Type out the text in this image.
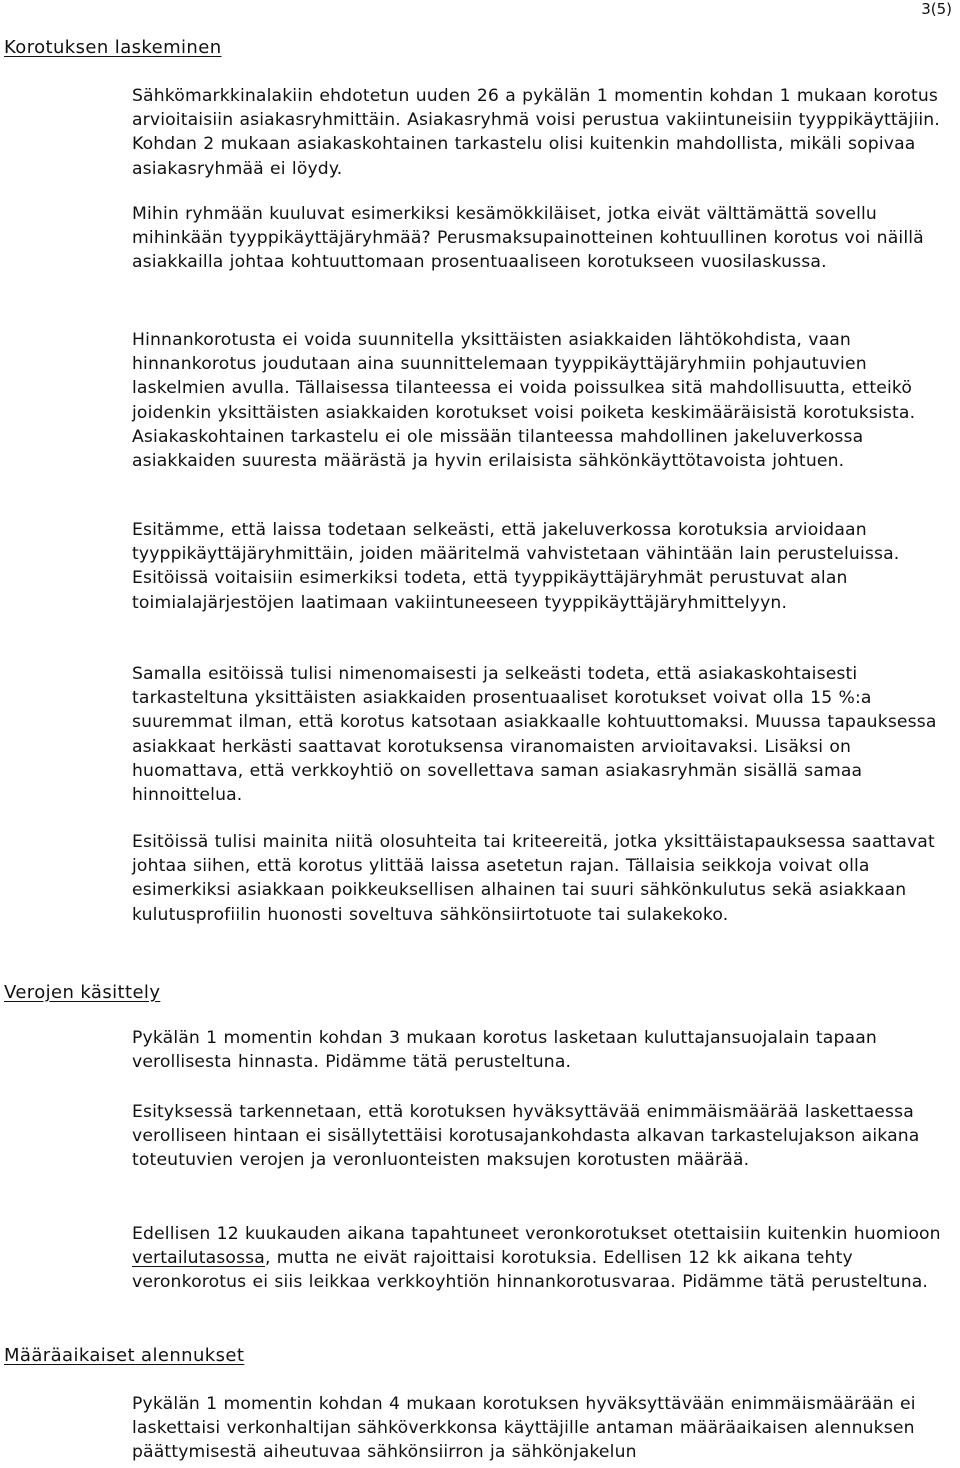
3(5)
Korotuksen laskeminen

Sähkömarkkinalakiin ehdotetun uuden 26 a pykälän 1 momentin kohdan 1 mukaan korotus arvioitaisiin asiakasryhmittäin. Asiakasryhmä voisi perustua vakiintuneisiin tyyppikäyttäjiin. Kohdan 2 mukaan asiakaskohtainen tarkastelu olisi kuitenkin mahdollista, mikäli sopivaa asiakasryhmää ei löydy.

Mihin ryhmään kuuluvat esimerkiksi kesämökkiläiset, jotka eivät välttämättä sovellu mihinkään tyyppikäyttäjäryhmää? Perusmaksupainotteinen kohtuullinen korotus voi näillä asiakkailla johtaa kohtuuttomaan prosentuaaliseen korotukseen vuosilaskussa.

Hinnankorotusta ei voida suunnitella yksittäisten asiakkaiden lähtökohdista, vaan hinnankorotus joudutaan aina suunnittelemaan tyyppikäyttäjäryhmiin pohjautuvien laskelmien avulla. Tällaisessa tilanteessa ei voida poissulkea sitä mahdollisuutta, etteikö joidenkin yksittäisten asiakkaiden korotukset voisi poiketa keskimääräisistä korotuksista. Asiakaskohtainen tarkastelu ei ole missään tilanteessa mahdollinen jakeluverkossa asiakkaiden suuresta määrästä ja hyvin erilaisista sähkönkäyttötavoista johtuen.

Esitämme, että laissa todetaan selkeästi, että jakeluverkossa korotuksia arvioidaan tyyppikäyttäjäryhmittäin, joiden määritelmä vahvistetaan vähintään lain perusteluissa. Esitöissä voitaisiin esimerkiksi todeta, että tyyppikäyttäjäryhmät perustuvat alan toimialajärjestöjen laatimaan vakiintuneeseen tyyppikäyttäjäryhmittelyyn.

Samalla esitöissä tulisi nimenomaisesti ja selkeästi todeta, että asiakaskohtaisesti tarkasteltuna yksittäisten asiakkaiden prosentuaaliset korotukset voivat olla 15 %:a suuremmat ilman, että korotus katsotaan asiakkaalle kohtuuttomaksi. Muussa tapauksessa asiakkaat herkästi saattavat korotuksensa viranomaisten arvioitavaksi. Lisäksi on huomattava, että verkkoyhtiö on sovellettava saman asiakasryhmän sisällä samaa hinnoittelua.

Esitöissä tulisi mainita niitä olosuhteita tai kriteereitä, jotka yksittäistapauksessa saattavat johtaa siihen, että korotus ylittää laissa asetetun rajan. Tällaisia seikkoja voivat olla esimerkiksi asiakkaan poikkeuksellisen alhainen tai suuri sähkönkulutus sekä asiakkaan kulutusprofiilin huonosti soveltuva sähkönsiirtotuote tai sulakekoko.

Verojen käsittely

Pykälän 1 momentin kohdan 3 mukaan korotus lasketaan kuluttajansuojalain tapaan verollisesta hinnasta. Pidämme tätä perusteltuna.

Esityksessä tarkennetaan, että korotuksen hyväksyttävää enimmäismäärää laskettaessa verolliseen hintaan ei sisällytettäisi korotusajankohdasta alkavan tarkastelujakson aikana toteutuvien verojen ja veronluonteisten maksujen korotusten määrää.

Edellisen 12 kuukauden aikana tapahtuneet veronkorotukset otettaisiin kuitenkin huomioon vertailutasossa, mutta ne eivät rajoittaisi korotuksia. Edellisen 12 kk aikana tehty veronkorotus ei siis leikkaa verkkoyhtiön hinnankorotusvaraa. Pidämme tätä perusteltuna.

Määräaikaiset alennukset

Pykälän 1 momentin kohdan 4 mukaan korotuksen hyväksyttävään enimmäismäärään ei laskettaisi verkonhaltijan sähköverkkonsa käyttäjille antaman määräaikaisen alennuksen päättymisestä aiheutuvaa sähkönsiirron ja sähkönjakelun
